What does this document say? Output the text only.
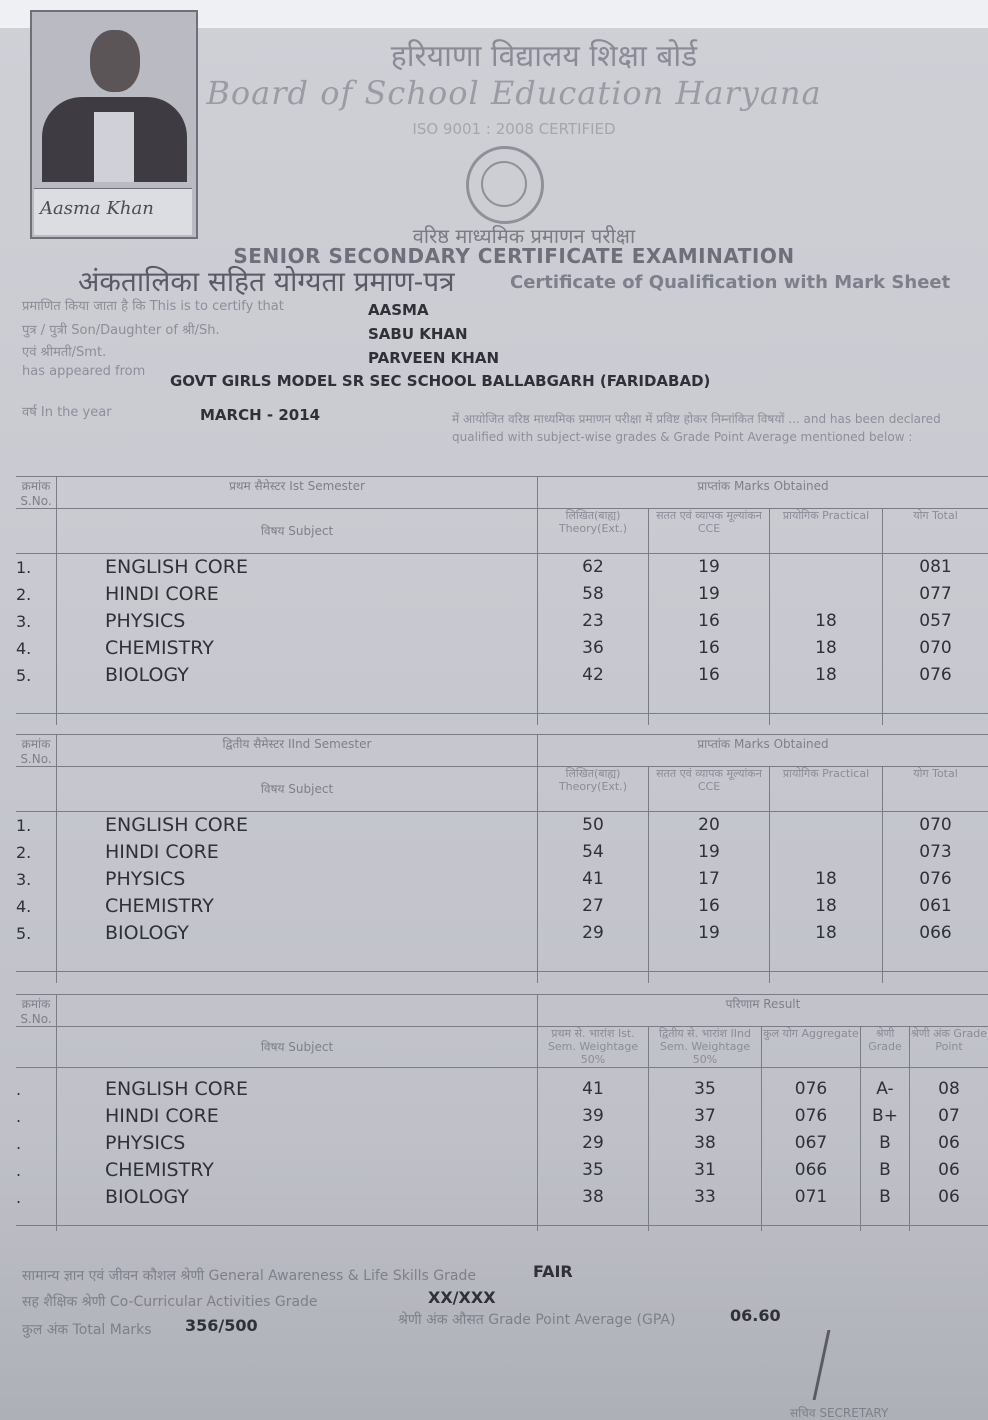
Aasma Khan
हरियाणा विद्यालय शिक्षा बोर्ड
Board of School Education Haryana
ISO 9001 : 2008 CERTIFIED
वरिष्ठ माध्यमिक प्रमाणन परीक्षा
SENIOR SECONDARY CERTIFICATE EXAMINATION
अंकतालिका सहित योग्यता प्रमाण-पत्र	Certificate of Qualification with Mark Sheet
प्रमाणित किया जाता है कि This is to certify that	AASMA
पुत्र / पुत्री Son/Daughter of श्री/Sh.	SABU KHAN
एवं श्रीमती/Smt.	PARVEEN KHAN
has appeared from
GOVT GIRLS MODEL SR SEC SCHOOL BALLABGARH (FARIDABAD)
वर्ष In the year	MARCH - 2014	में आयोजित वरिष्ठ माध्यमिक प्रमाणन परीक्षा में प्रविष्ट होकर निम्नांकित विषयों ... and has been declared qualified with subject-wise grades & Grade Point Average mentioned below :
क्रमांक S.No.	प्रथम सैमेस्टर Ist Semester	प्राप्तांक Marks Obtained			
	विषय Subject	लिखित(बाह्य) Theory(Ext.)	सतत एवं व्यापक मूल्यांकन CCE	प्रायोगिक Practical	योग Total
1.	ENGLISH CORE	62	19		081
2.	HINDI CORE	58	19		077
3.	PHYSICS	23	16	18	057
4.	CHEMISTRY	36	16	18	070
5.	BIOLOGY	42	16	18	076

क्रमांक S.No.	द्वितीय सैमेस्टर IInd Semester	प्राप्तांक Marks Obtained			
	विषय Subject	लिखित(बाह्य) Theory(Ext.)	सतत एवं व्यापक मूल्यांकन CCE	प्रायोगिक Practical	योग Total
1.	ENGLISH CORE	50	20		070
2.	HINDI CORE	54	19		073
3.	PHYSICS	41	17	18	076
4.	CHEMISTRY	27	16	18	061
5.	BIOLOGY	29	19	18	066

क्रमांक S.No.		परिणाम Result				
	विषय Subject	प्रथम से. भारांश Ist. Sem. Weightage 50%	द्वितीय से. भारांश IInd Sem. Weightage 50%	कुल योग Aggregate	श्रेणी Grade	श्रेणी अंक Grade Point

.	ENGLISH CORE	41	35	076	A-	08
.	HINDI CORE	39	37	076	B+	07
.	PHYSICS	29	38	067	B	06
.	CHEMISTRY	35	31	066	B	06
.	BIOLOGY	38	33	071	B	06

सामान्य ज्ञान एवं जीवन कौशल श्रेणी General Awareness & Life Skills Grade	FAIR
सह शैक्षिक श्रेणी Co-Curricular Activities Grade	XX/XXX
कुल अंक Total Marks 356/500	श्रेणी अंक औसत Grade Point Average (GPA)	06.60
सचिव SECRETARY
